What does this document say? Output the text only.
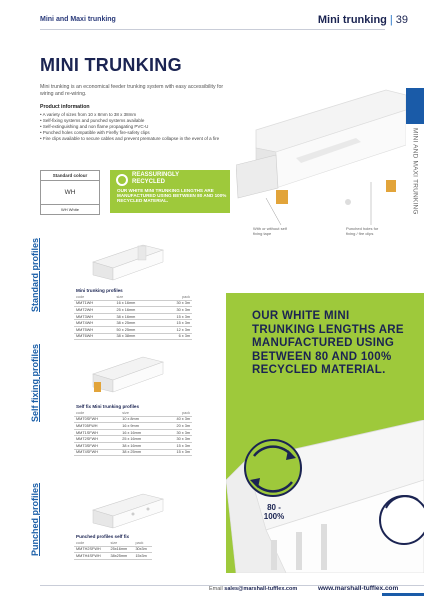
Mini and Maxi trunking	Mini trunking | 39
MINI AND MAXI TRUNKING
MINI TRUNKING
Mini trunking is an economical feeder trunking system with easy accessibility for wiring and re-wiring.
Product information
• A variety of sizes from 10 x 8mm to 38 x 38mm
• Self-fixing systems and punched systems available
• Self-extinguishing and non flame propagating PVC-U
• Punched holes compatible with Firefly fire-safety clips
• Fire clips available to secure cables and prevent premature collapse in the event of a fire
Standard colour
WH
WH White
REASSURINGLY
RECYCLED
OUR WHITE MINI TRUNKING LENGTHS ARE MANUFACTURED USING BETWEEN 80 AND 100% RECYCLED MATERIAL.
With or without self fixing tape
Punched holes for fixing / fire clips
Standard profiles	Mini trunking profiles
code	size	pack
MMT1WH	16 x 16mm	30 x 3m
MMT2WH	25 x 16mm	30 x 3m
MMT3WH	38 x 16mm	15 x 3m
MMT4WH	38 x 25mm	15 x 3m
MMT5WH	50 x 25mm	12 x 3m
MMT6WH	38 x 38mm	6 x 3m
Self fixing profiles	Self fix Mini trunking profiles
code	size	pack
MMT0SFWH	10 x 8mm	40 x 3m
MMT05FWH	16 x 9mm	20 x 3m
MMT1SFWH	16 x 16mm	30 x 3m
MMT2SFWH	25 x 16mm	30 x 3m
MMT3SFWH	38 x 16mm	15 x 3m
MMT4SFWH	38 x 25mm	15 x 3m
Punched profiles	Punched profiles self fix
code	size	pack
MMTH2SFWH	25x16mm	30x3m
MMTH4SFWH	38x25mm	15x3m
OUR WHITE MINI TRUNKING LENGTHS ARE MANUFACTURED USING BETWEEN 80 AND 100% RECYCLED MATERIAL.
80 -
100%
Email sales@marshall-tufflex.com	www.marshall-tufflex.com
